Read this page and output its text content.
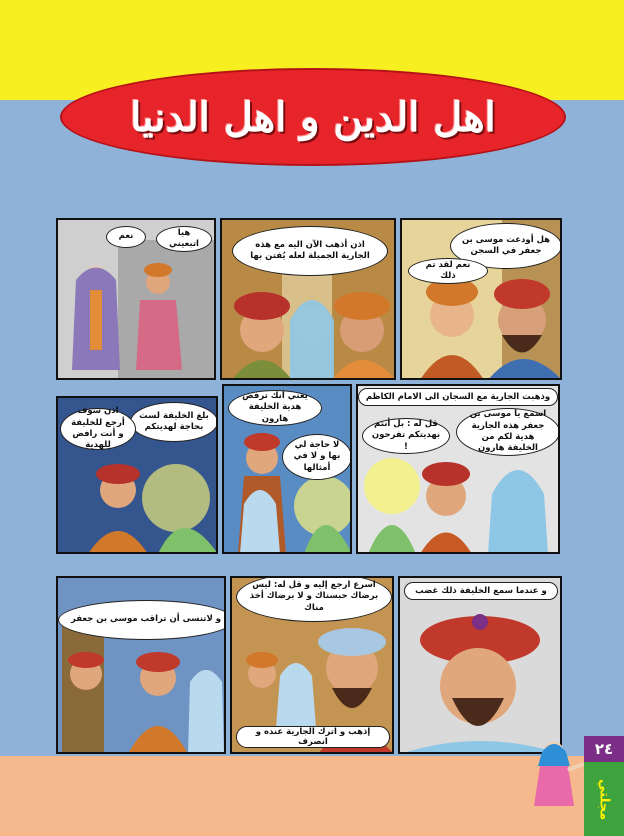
اهل الدين و اهل الدنيا
هل أودعت موسى بن جعفر في السجن
نعم لقد تم ذلك
اذن أذهب الآن اليه مع هذه الجارية الجميلة لعله يُفتن بها
هيا اتبعيني
نعم
وذهبت الجارية مع السجان الى الامام الكاظم
اسمع يا موسى بن جعفر هذه الجارية هدية لكم من الخليفة هارون
قل له : بل أنتم بهديتكم تفرحون !
يعني انك ترفض هدية الخليفة هارون
لا حاجة لي بها و لا في أمثالها
بلغ الخليفة لست بحاجة لهديتكم
اذن سوف أرجع للخليفة و أنت رافض للهدية
و عندما سمع الخليفة ذلك غضب
اسرع ارجع إليه و قل له: ليس برضاك حبسناك و لا برضاك أخذ مناك
إذهب و اترك الجارية عنده و انصرف
و لاتنسى أن تراقب موسى بن جعفر
٢٤
مجلتي
